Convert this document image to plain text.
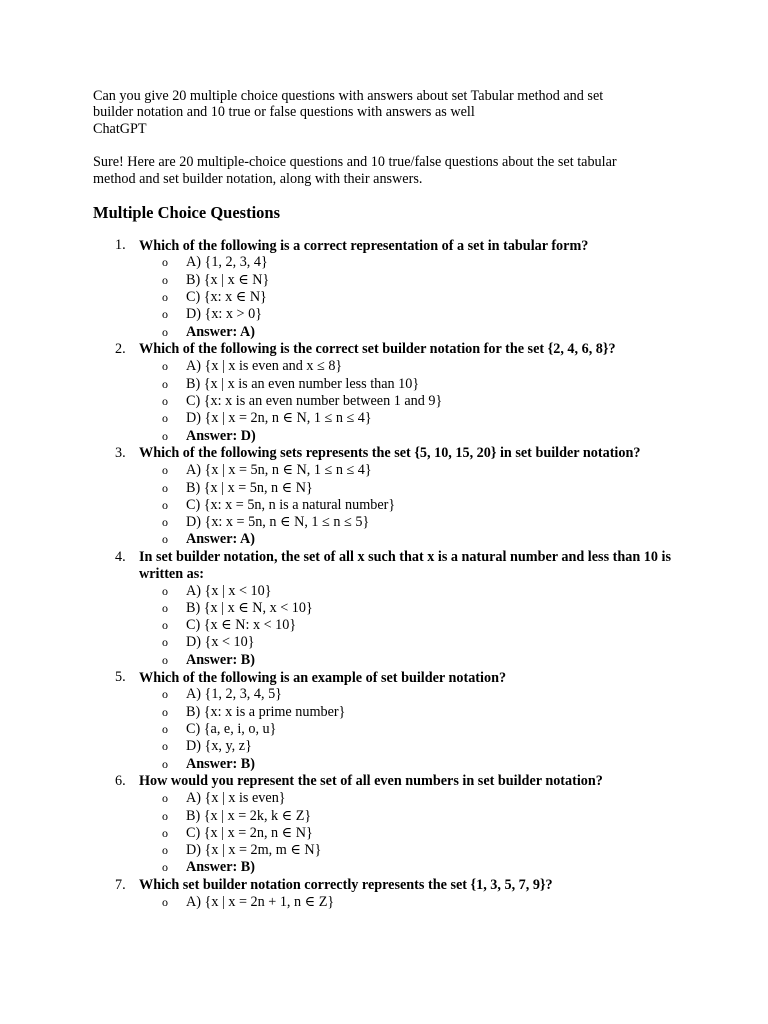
Can you give 20 multiple choice questions with answers about set Tabular method and set

builder notation and 10 true or false questions with answers as well

ChatGPT

Sure! Here are 20 multiple-choice questions and 10 true/false questions about the set tabular

method and set builder notation, along with their answers.

Multiple Choice Questions
1. Which of the following is a correct representation of a set in tabular form?
o A) {1, 2, 3, 4}
o B) {x | x ∈ N}
o C) {x: x ∈ N}
o D) {x: x > 0}
o Answer: A)
2. Which of the following is the correct set builder notation for the set {2, 4, 6, 8}?
o A) {x | x is even and x ≤ 8}
o B) {x | x is an even number less than 10}
o C) {x: x is an even number between 1 and 9}
o D) {x | x = 2n, n ∈ N, 1 ≤ n ≤ 4}
o Answer: D)
3. Which of the following sets represents the set {5, 10, 15, 20} in set builder notation?
o A) {x | x = 5n, n ∈ N, 1 ≤ n ≤ 4}
o B) {x | x = 5n, n ∈ N}
o C) {x: x = 5n, n is a natural number}
o D) {x: x = 5n, n ∈ N, 1 ≤ n ≤ 5}
o Answer: A)
4. In set builder notation, the set of all x such that x is a natural number and less than 10 is written as:
o A) {x | x < 10}
o B) {x | x ∈ N, x < 10}
o C) {x ∈ N: x < 10}
o D) {x < 10}
o Answer: B)
5. Which of the following is an example of set builder notation?
o A) {1, 2, 3, 4, 5}
o B) {x: x is a prime number}
o C) {a, e, i, o, u}
o D) {x, y, z}
o Answer: B)
6. How would you represent the set of all even numbers in set builder notation?
o A) {x | x is even}
o B) {x | x = 2k, k ∈ Z}
o C) {x | x = 2n, n ∈ N}
o D) {x | x = 2m, m ∈ N}
o Answer: B)
7. Which set builder notation correctly represents the set {1, 3, 5, 7, 9}?
o A) {x | x = 2n + 1, n ∈ Z}
